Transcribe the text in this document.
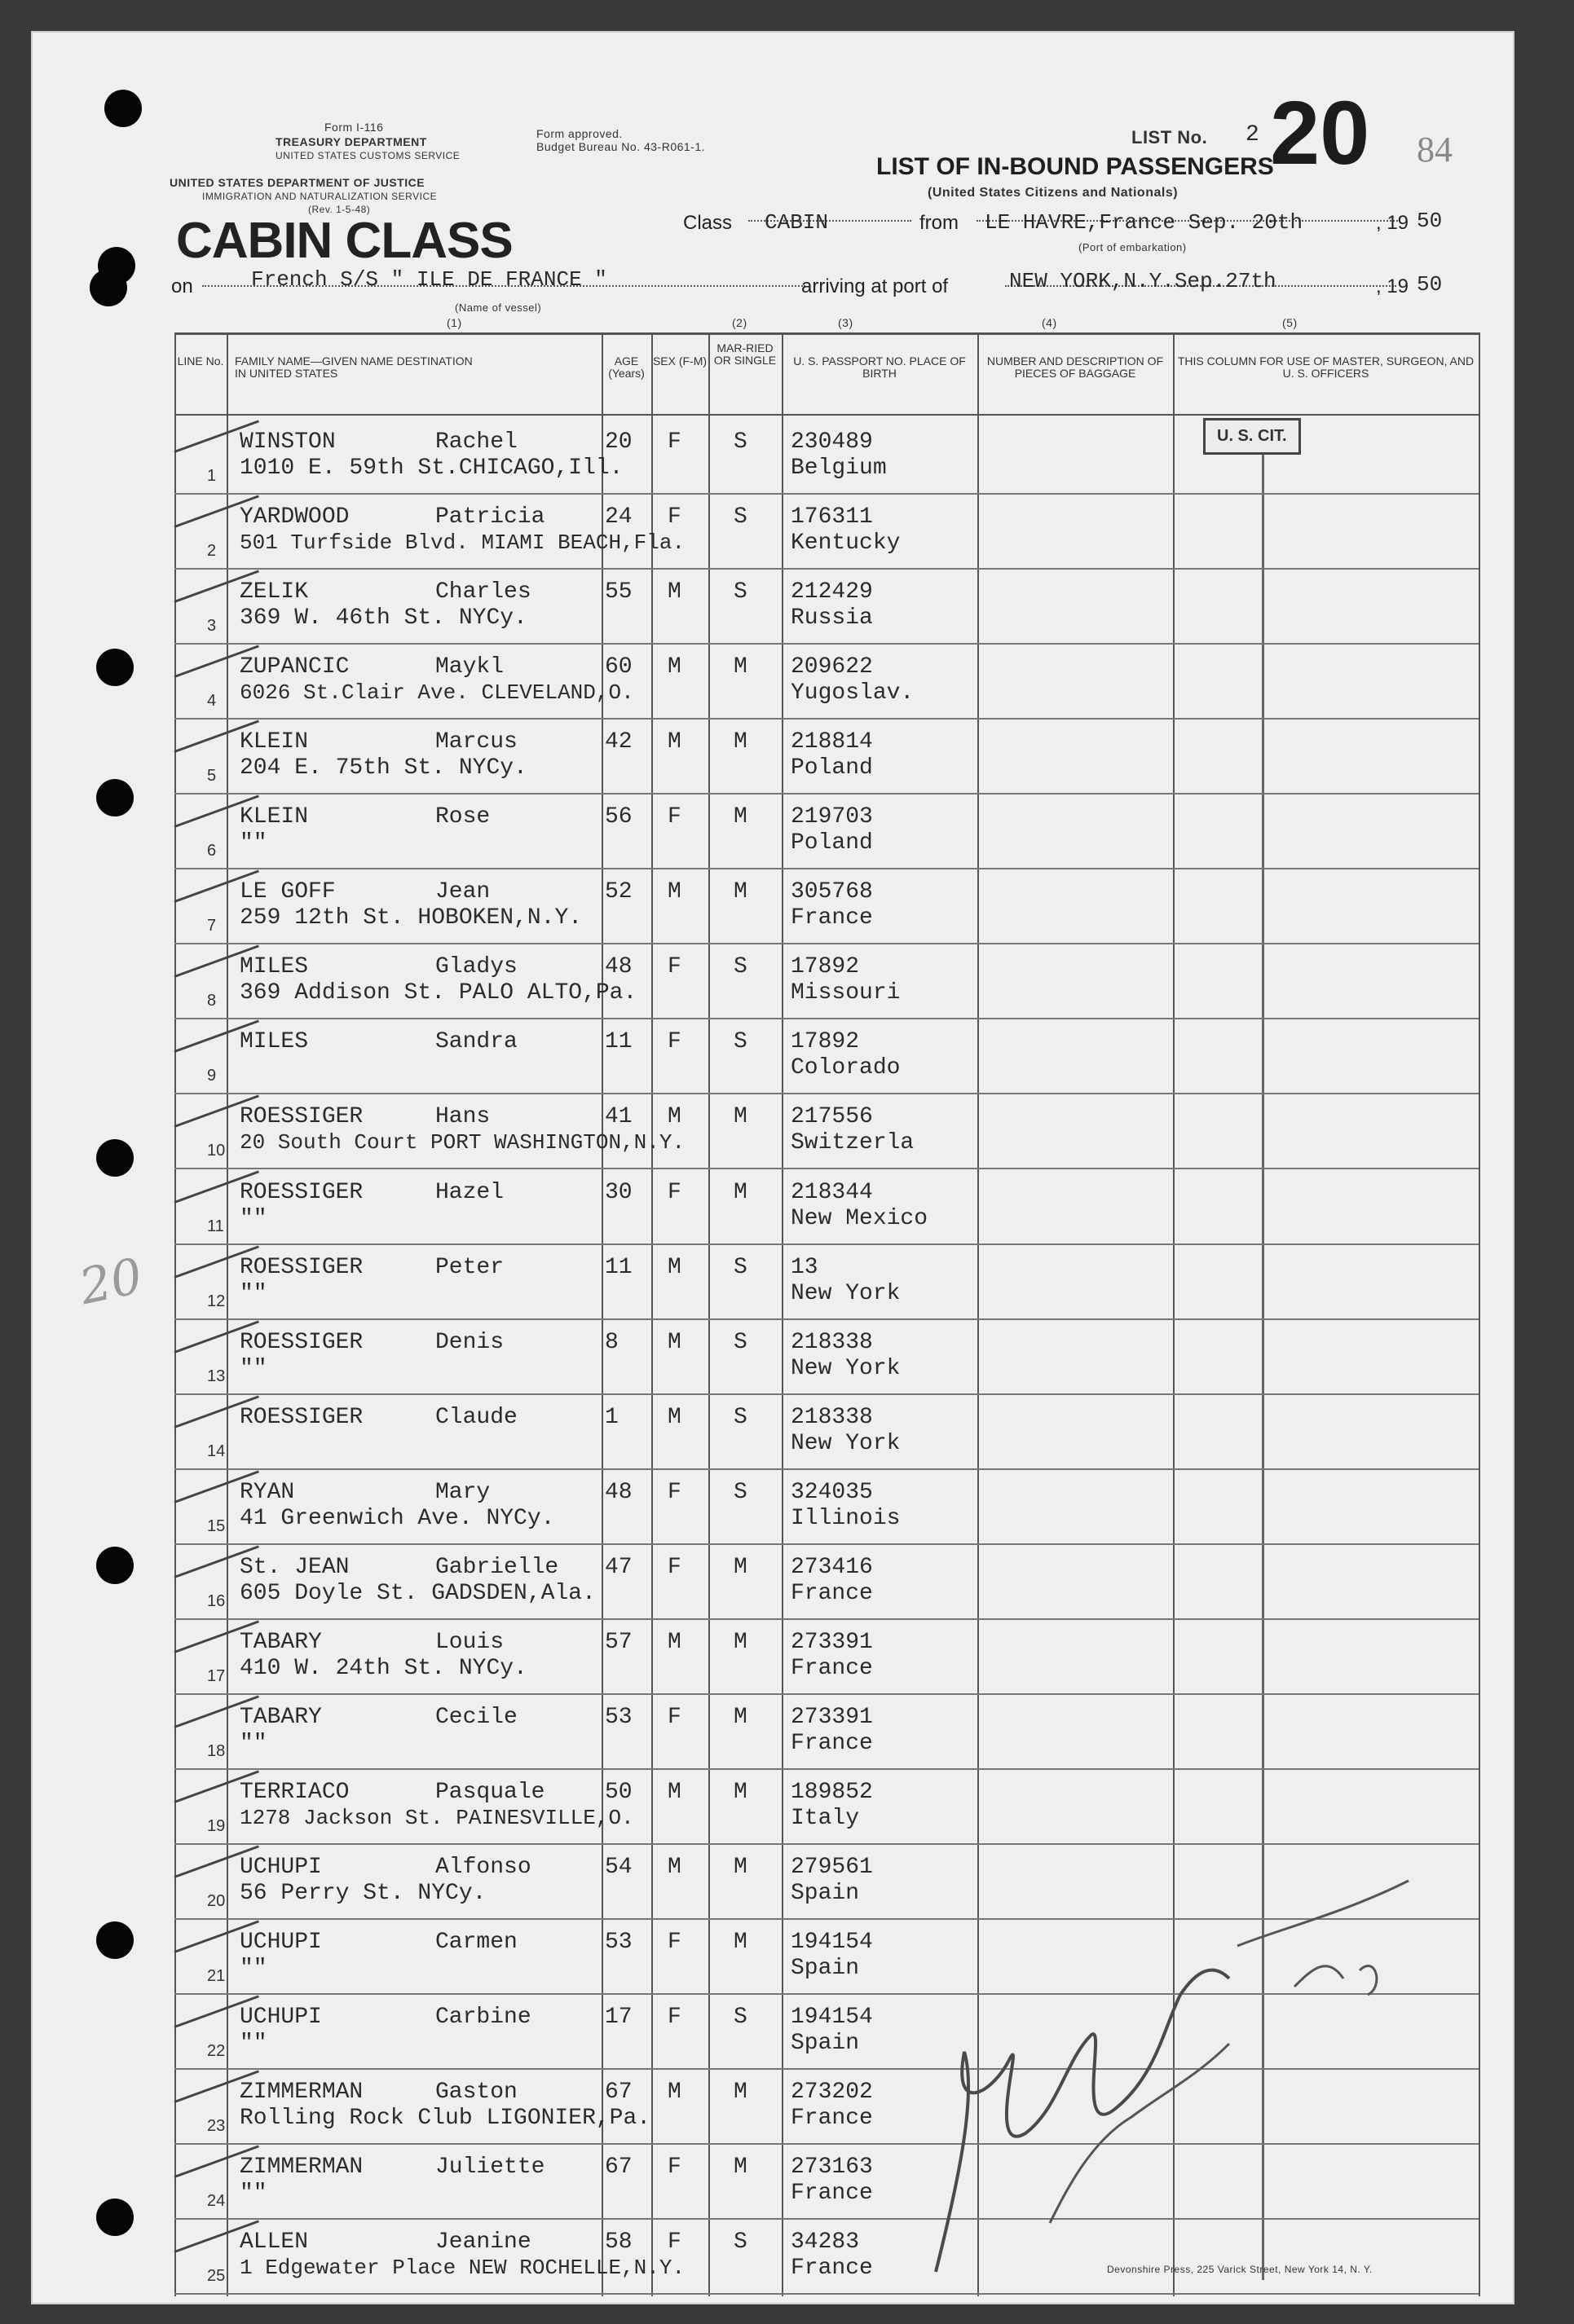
Form I-116
TREASURY DEPARTMENT
UNITED STATES CUSTOMS SERVICE
Form approved.
Budget Bureau No. 43-R061-1.
UNITED STATES DEPARTMENT OF JUSTICE
IMMIGRATION AND NATURALIZATION SERVICE
(Rev. 1-5-48)
CABIN CLASS
LIST No. 2 20 84
LIST OF IN-BOUND PASSENGERS
(United States Citizens and Nationals)
Class CABIN	from LE HAVRE,France Sep. 20th	, 19 50
(Port of embarkation)
on	French S/S " ILE DE FRANCE "
(Name of vessel)
arriving at port of	NEW YORK,N.Y.Sep.27th	, 19 50
(1)	(2)	(3)	(4)	(5)
20
LINE No. FAMILY NAME—GIVEN NAME DESTINATION IN UNITED STATES
AGE (Years)
SEX (F-M)
MAR-RIED OR SINGLE	U. S. PASSPORT NO. PLACE OF BIRTH
NUMBER AND DESCRIPTION OF PIECES OF BAGGAGE
THIS COLUMN FOR USE OF MASTER, SURGEON, AND U. S. OFFICERS
U. S. CIT.
1
WINSTON	Rachel	20 F S 230489
1010 E. 59th St.CHICAGO,Ill.	Belgium
2
YARDWOOD	Patricia	24 F S 176311
501 Turfside Blvd. MIAMI BEACH,Fla.	Kentucky
3
ZELIK	Charles	55 M S 212429
369 W. 46th St. NYCy.	Russia
4
ZUPANCIC	Maykl	60 M M 209622
6026 St.Clair Ave. CLEVELAND,O.	Yugoslav.
5
KLEIN	Marcus	42 M M 218814
204 E. 75th St. NYCy.	Poland
6
KLEIN	Rose	56 F M 219703
""	Poland
7
LE GOFF	Jean	52 M M 305768
259 12th St. HOBOKEN,N.Y.	France
8
MILES	Gladys	48 F S 17892
369 Addison St. PALO ALTO,Pa.	Missouri
9
MILES	Sandra	11 F S 17892
Colorado
10
ROESSIGER	Hans	41 M M 217556
20 South Court PORT WASHINGTON,N.Y.	Switzerla
11
ROESSIGER	Hazel	30 F M 218344
""	New Mexico
12
ROESSIGER	Peter	11 M S 13
""	New York
13
ROESSIGER	Denis	8 M S 218338
""	New York
14
ROESSIGER	Claude	1 M S 218338
New York
15
RYAN	Mary	48 F S 324035
41 Greenwich Ave. NYCy.	Illinois
16
St. JEAN	Gabrielle 47 F M 273416
605 Doyle St. GADSDEN,Ala.	France
17
TABARY	Louis	57 M M 273391
410 W. 24th St. NYCy.	France
18
TABARY	Cecile	53 F M 273391
""	France
19
TERRIACO	Pasquale	50 M M 189852
1278 Jackson St. PAINESVILLE,O.	Italy
20
UCHUPI	Alfonso	54 M M 279561
56 Perry St. NYCy.	Spain
21
UCHUPI	Carmen	53 F M 194154
""	Spain
22
UCHUPI	Carbine	17 F S 194154
""	Spain
23
ZIMMERMAN	Gaston	67 M M 273202
Rolling Rock Club LIGONIER,Pa.	France
24
ZIMMERMAN	Juliette	67 F M 273163
""	France
25
ALLEN	Jeanine	58 F S 34283
1 Edgewater Place NEW ROCHELLE,N.Y.	France	Devonshire Press, 225 Varick Street, New York 14, N. Y.
